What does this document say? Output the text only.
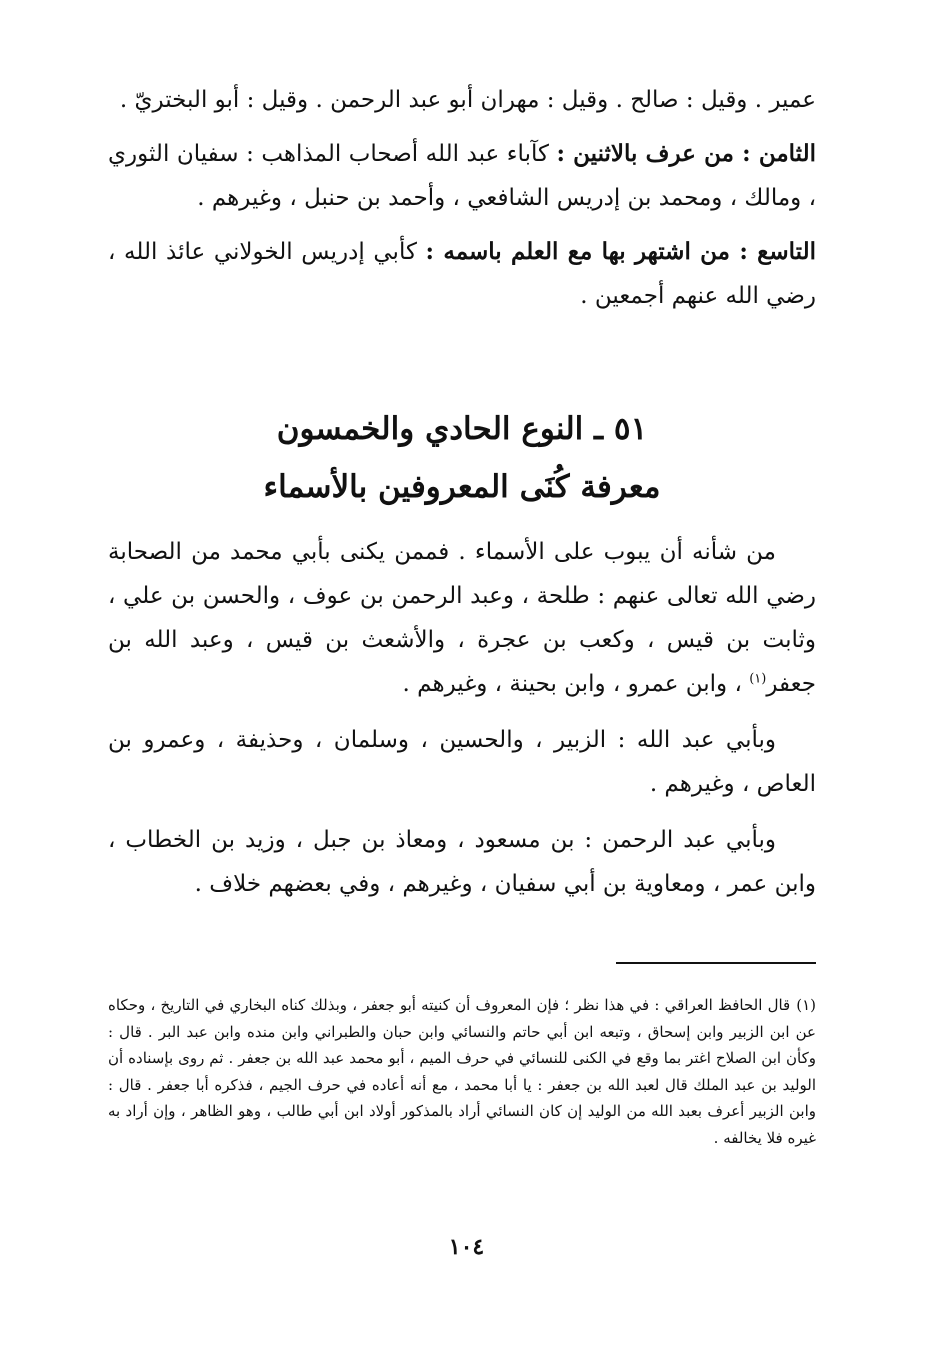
عمير . وقيل : صالح . وقيل : مهران أبو عبد الرحمن . وقيل : أبو البختريّ .

الثامن : من عرف بالاثنين : كآباء عبد الله أصحاب المذاهب : سفيان الثوري ، ومالك ، ومحمد بن إدريس الشافعي ، وأحمد بن حنبل ، وغيرهم .

التاسع : من اشتهر بها مع العلم باسمه : كأبي إدريس الخولاني عائذ الله ، رضي الله عنهم أجمعين .

٥١ ـ النوع الحادي والخمسون
معرفة كُنَى المعروفين بالأسماء

من شأنه أن يبوب على الأسماء . فممن يكنى بأبي محمد من الصحابة رضي الله تعالى عنهم : طلحة ، وعبد الرحمن بن عوف ، والحسن بن علي ، وثابت بن قيس ، وكعب بن عجرة ، والأشعث بن قيس ، وعبد الله بن جعفر$^{(١)}$ ، وابن عمرو ، وابن بحينة ، وغيرهم .

وبأبي عبد الله : الزبير ، والحسين ، وسلمان ، وحذيفة ، وعمرو بن العاص ، وغيرهم .

وبأبي عبد الرحمن : بن مسعود ، ومعاذ بن جبل ، وزيد بن الخطاب ، وابن عمر ، ومعاوية بن أبي سفيان ، وغيرهم ، وفي بعضهم خلاف .

(١)قال الحافظ العراقي : في هذا نظر ؛ فإن المعروف أن كنيته أبو جعفر ، وبذلك كناه البخاري في التاريخ ، وحكاه عن ابن الزبير وابن إسحاق ، وتبعه ابن أبي حاتم والنسائي وابن حبان والطبراني وابن منده وابن عبد البر . قال : وكأن ابن الصلاح اغتر بما وقع في الكنى للنسائي في حرف الميم ، أبو محمد عبد الله بن جعفر . ثم روى بإسناده أن الوليد بن عبد الملك قال لعبد الله بن جعفر : يا أبا محمد ، مع أنه أعاده في حرف الجيم ، فذكره أبا جعفر . قال : وابن الزبير أعرف بعبد الله من الوليد إن كان النسائي أراد بالمذكور أولاد ابن أبي طالب ، وهو الظاهر ، وإن أراد به غيره فلا يخالفه .
١٠٤
